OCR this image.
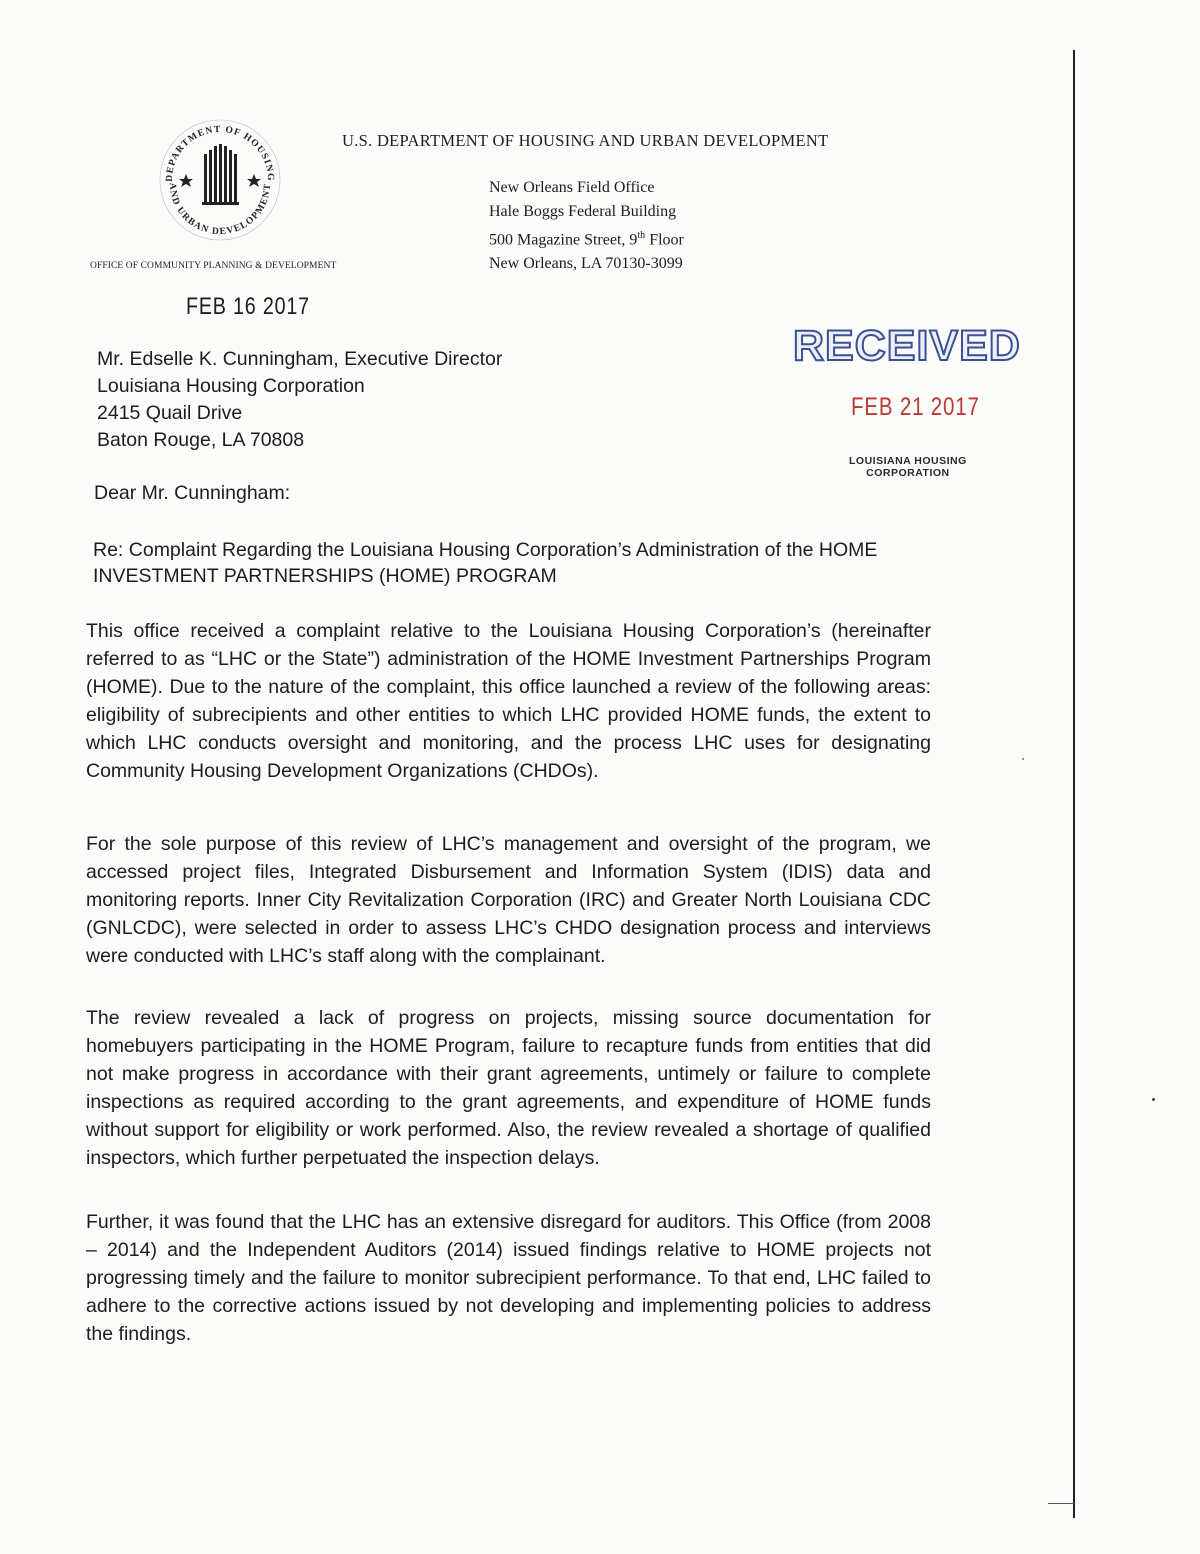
DEPARTMENT OF HOUSING
AND URBAN DEVELOPMENT
OFFICE OF COMMUNITY PLANNING & DEVELOPMENT
U.S. DEPARTMENT OF HOUSING AND URBAN DEVELOPMENT
New Orleans Field Office
Hale Boggs Federal Building
500 Magazine Street, 9th Floor
New Orleans, LA 70130-3099
FEB 16 2017
Mr. Edselle K. Cunningham, Executive Director
Louisiana Housing Corporation
2415 Quail Drive
Baton Rouge, LA 70808
RECEIVED
FEB 21 2017
LOUISIANA HOUSING
CORPORATION
Dear Mr. Cunningham:
Re: Complaint Regarding the Louisiana Housing Corporation’s Administration of the HOME INVESTMENT PARTNERSHIPS (HOME) PROGRAM
This office received a complaint relative to the Louisiana Housing Corporation’s (hereinafter referred to as “LHC or the State”) administration of the HOME Investment Partnerships Program (HOME). Due to the nature of the complaint, this office launched a review of the following areas: eligibility of subrecipients and other entities to which LHC provided HOME funds, the extent to which LHC conducts oversight and monitoring, and the process LHC uses for designating Community Housing Development Organizations (CHDOs).
For the sole purpose of this review of LHC’s management and oversight of the program, we accessed project files, Integrated Disbursement and Information System (IDIS) data and monitoring reports. Inner City Revitalization Corporation (IRC) and Greater North Louisiana CDC (GNLCDC), were selected in order to assess LHC’s CHDO designation process and interviews were conducted with LHC’s staff along with the complainant.
The review revealed a lack of progress on projects, missing source documentation for homebuyers participating in the HOME Program, failure to recapture funds from entities that did not make progress in accordance with their grant agreements, untimely or failure to complete inspections as required according to the grant agreements, and expenditure of HOME funds without support for eligibility or work performed. Also, the review revealed a shortage of qualified inspectors, which further perpetuated the inspection delays.
Further, it was found that the LHC has an extensive disregard for auditors. This Office (from 2008 – 2014) and the Independent Auditors (2014) issued findings relative to HOME projects not progressing timely and the failure to monitor subrecipient performance. To that end, LHC failed to adhere to the corrective actions issued by not developing and implementing policies to address the findings.
